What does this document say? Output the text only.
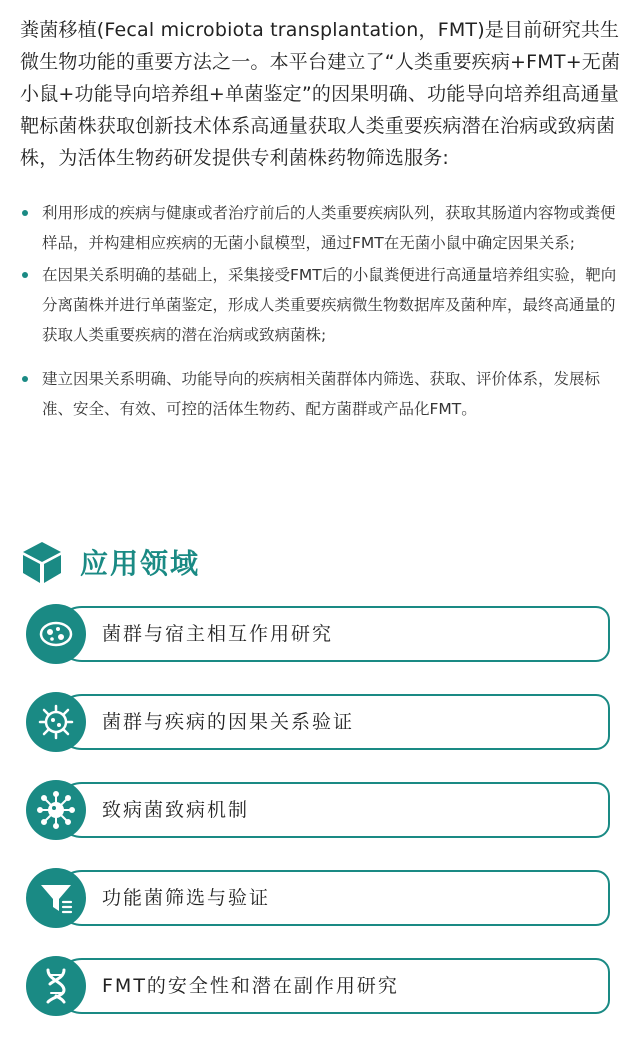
粪菌移植(Fecal microbiota transplantation，FMT)是目前研究共生微生物功能的重要方法之一。本平台建立了“人类重要疾病+FMT+无菌小鼠+功能导向培养组+单菌鉴定”的因果明确、功能导向培养组高通量靶标菌株获取创新技术体系高通量获取人类重要疾病潜在治病或致病菌株，为活体生物药研发提供专利菌株药物筛选服务:
利用形成的疾病与健康或者治疗前后的人类重要疾病队列，获取其肠道内容物或粪便样品，并构建相应疾病的无菌小鼠模型，通过FMT在无菌小鼠中确定因果关系;
在因果关系明确的基础上，采集接受FMT后的小鼠粪便进行高通量培养组实验，靶向分离菌株并进行单菌鉴定，形成人类重要疾病微生物数据库及菌种库，最终高通量的获取人类重要疾病的潜在治病或致病菌株;
建立因果关系明确、功能导向的疾病相关菌群体内筛选、获取、评价体系，发展标准、安全、有效、可控的活体生物药、配方菌群或产品化FMT。
应用领域
菌群与宿主相互作用研究
菌群与疾病的因果关系验证
致病菌致病机制
功能菌筛选与验证
FMT的安全性和潜在副作用研究
